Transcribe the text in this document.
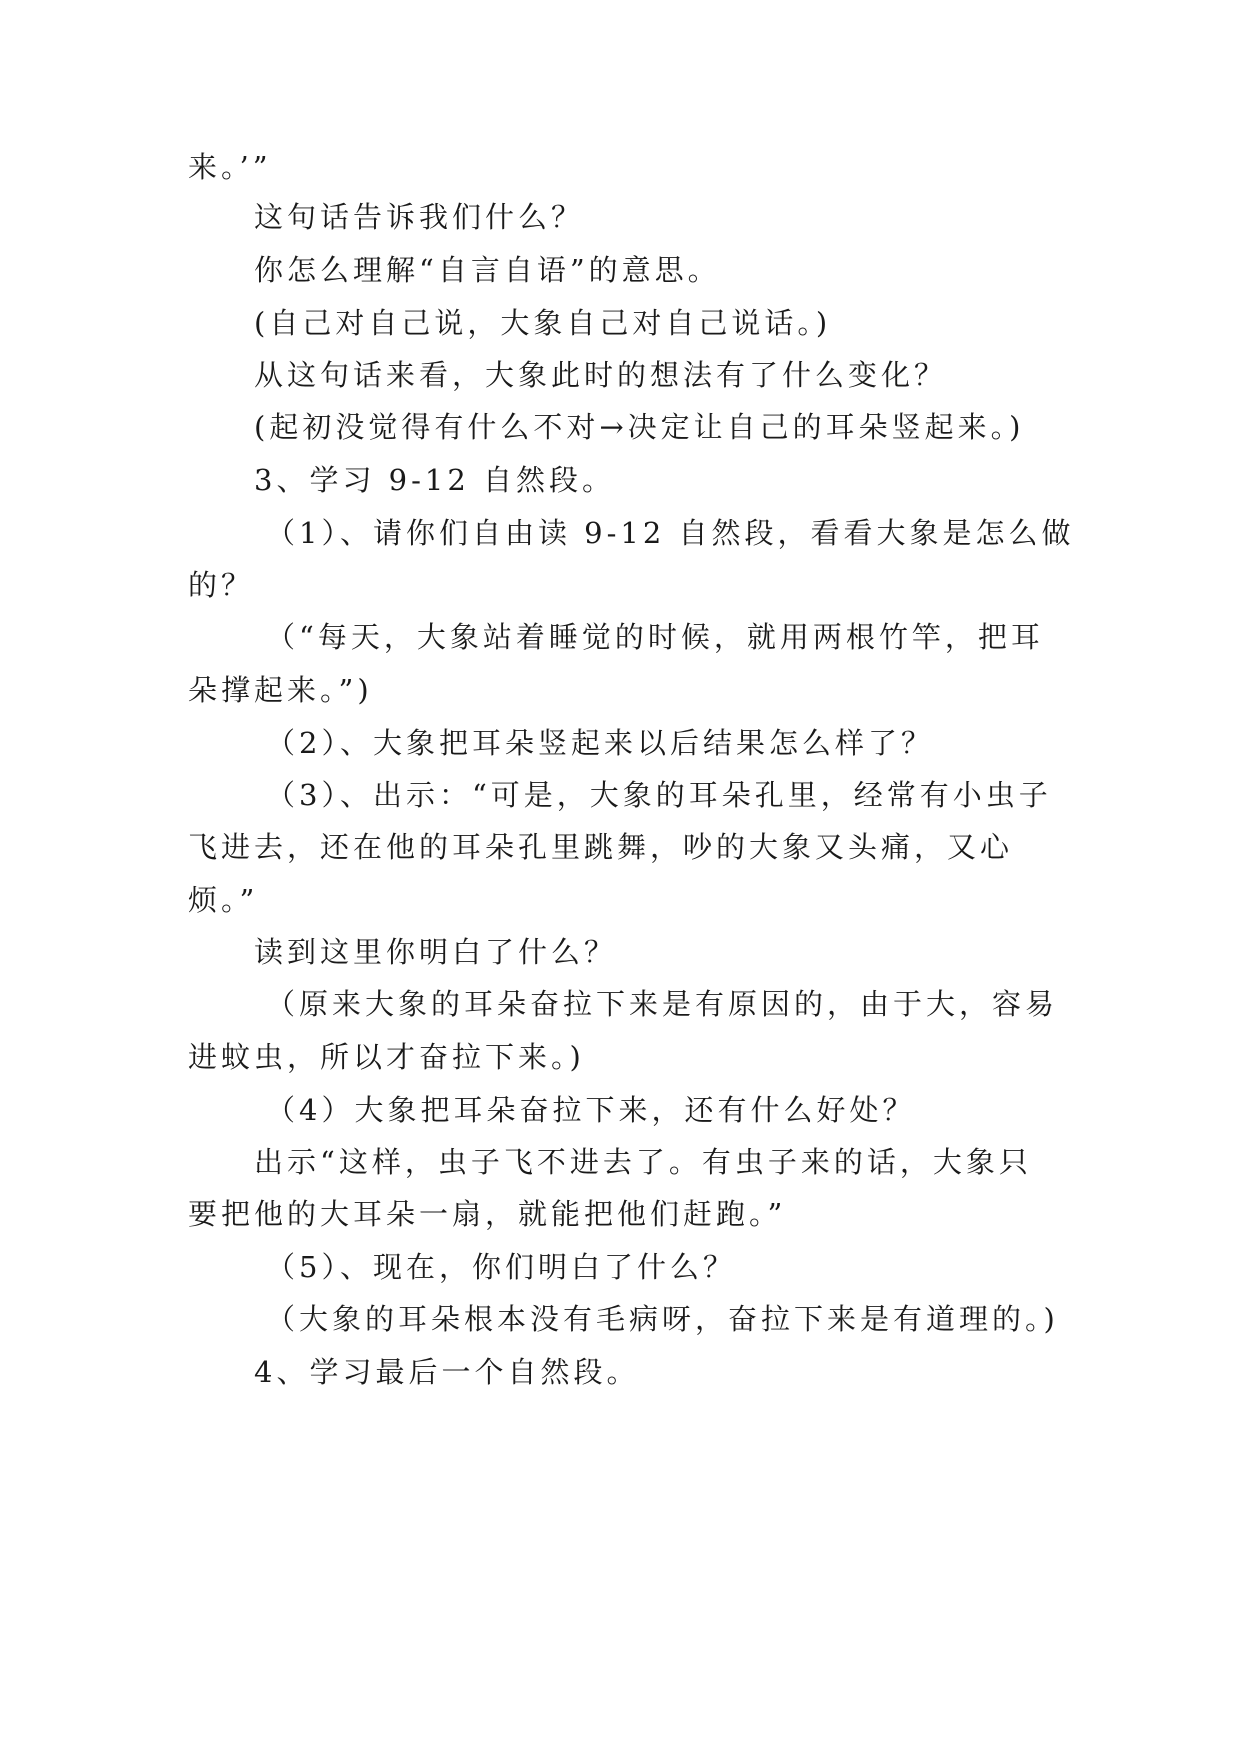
来。’”
这句话告诉我们什么？
你怎么理解“自言自语”的意思。
(自己对自己说，大象自己对自己说话。)
从这句话来看，大象此时的想法有了什么变化？
(起初没觉得有什么不对→决定让自己的耳朵竖起来。)
3、学习 9-12 自然段。
（1）、请你们自由读 9-12 自然段，看看大象是怎么做
的？
（“每天，大象站着睡觉的时候，就用两根竹竿，把耳
朵撑起来。”)
（2）、大象把耳朵竖起来以后结果怎么样了？
（3）、出示：“可是，大象的耳朵孔里，经常有小虫子
飞进去，还在他的耳朵孔里跳舞，吵的大象又头痛，又心
烦。”
读到这里你明白了什么？
（原来大象的耳朵奋拉下来是有原因的，由于大，容易
进蚊虫，所以才奋拉下来。)
（4）大象把耳朵奋拉下来，还有什么好处？
出示“这样，虫子飞不进去了。有虫子来的话，大象只
要把他的大耳朵一扇，就能把他们赶跑。”
（5）、现在，你们明白了什么？
（大象的耳朵根本没有毛病呀，奋拉下来是有道理的。)
4、学习最后一个自然段。
